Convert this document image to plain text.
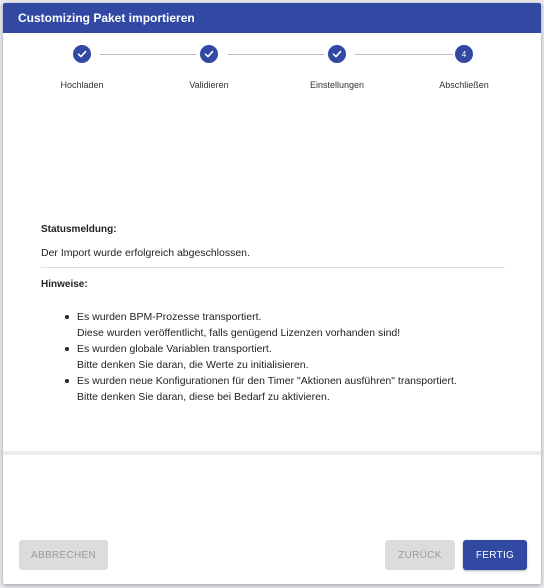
Customizing Paket importieren
Hochladen	Validieren	Einstellungen
4
Abschließen
Statusmeldung:
Der Import wurde erfolgreich abgeschlossen.
Hinweise:
Es wurden BPM-Prozesse transportiert.
Diese wurden veröffentlicht, falls genügend Lizenzen vorhanden sind!
Es wurden globale Variablen transportiert.
Bitte denken Sie daran, die Werte zu initialisieren.
Es wurden neue Konfigurationen für den Timer "Aktionen ausführen" transportiert.
Bitte denken Sie daran, diese bei Bedarf zu aktivieren.
ABBRECHEN	ZURÜCK	FERTIG
